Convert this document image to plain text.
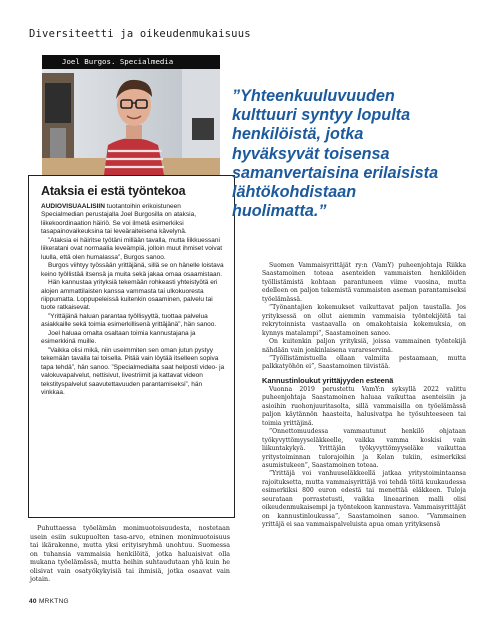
Diversiteetti ja oikeudenmukaisuus
Joel Burgos. Specialmedia
Ataksia ei estä työntekoa

AUDIOVISUAALISIIN tuotantoihin erikoistuneen Specialmedian perustajalla Joel Burgosilla on ataksia, liikekoordinaation häiriö. Se voi ilmetä esimerkiksi tasapainovaikeuksina tai leveäraiteisena kävelynä.

”Ataksia ei häiritse työtäni millään tavalla, mutta liikkuessani liikeratani ovat normaalia leveämpiä, jolloin muut ihmiset voivat luulla, että olen humalassa”, Burgos sanoo.

Burgos viihtyy työssään yrittäjänä, sillä se on hänelle loistava keino työllistää itsensä ja muita sekä jakaa omaa osaamistaan.

Hän kannustaa yrityksiä tekemään rohkeasti yhteistyötä eri alojen ammattilaisten kanssa vammasta tai ulkokuoresta riippumatta. Loppupeleissä kuitenkin osaaminen, palvelu tai tuote ratkaisevat.

”Yrittäjänä haluan parantaa työllisyyttä, tuottaa palvelua asiakkaille sekä toimia esimerkillisenä yrittäjänä”, hän sanoo.

Joel haluaa omalta osaltaan toimia kannustajana ja esimerkkinä muille.

”Vaikka olisi mikä, niin useimmiten sen oman jutun pystyy tekemään tavalla tai toisella. Pitää vain löytää itselleen sopiva tapa tehdä”, hän sanoo. ”Specialmedialta saat helposti video- ja valokuvapalvelut, nettisivut, livestriimit ja kattavat videon tekstityspalvelut saavutettavuuden parantamiseksi”, hän vinkkaa.

Puhuttaessa työelämän monimuotoisuudesta, nostetaan usein esiin sukupuolten tasa-arvo, etninen monimuotoisuus tai ikärakenne, mutta yksi erityisryhmä unohtuu. Suomessa on tuhansia vammaisia henkilöitä, jotka haluaisivat olla mukana työelämässä, mutta heihin suhtaudutaan yhä kuin he olisivat vain osatyökykyisiä tai ihmisiä, jotka osaavat vain jotain.

”Yhteenkuuluvuuden kulttuuri syntyy lopulta henkilöistä, jotka hyväksyvät toisensa samanvertaisina erilaisista lähtökohdistaan huolimatta.”

Suomen Vammaisyrittäjät ry:n (VamY) puheenjohtaja Riikka Saastamoinen toteaa asenteiden vammaisten henkilöiden työllistämistä kohtaan parantuneen viime vuosina, mutta edelleen on paljon tekemistä vammaisten aseman parantamiseksi työelämässä.

”Työnantajien kokemukset vaikuttavat paljon taustalla. Jos yrityksessä on ollut aiemmin vammaisia työntekijöitä tai rekrytoinnista vastaavalla on omakohtaisia kokemuksia, on kynnys matalampi”, Saastamoinen sanoo.

On kuitenkin paljon yrityksiä, joissa vammainen työntekijä nähdään vain jonkinlaisena varareservinä.

”Työllistämistuella ollaan valmiita pestaamaan, mutta palkkatyöhön ei”, Saastamoinen tiivistää.

Kannustinloukut yrittäjyyden esteenä

Vuonna 2019 perustettu VamY:n syksyllä 2022 valittu puheenjohtaja Saastamoinen haluaa vaikuttaa asenteisiin ja asioihin ruohonjuuritasolta, sillä vammaisilla on työelämässä paljon käytännön haasteita, halusivatpa he työsuhteeseen tai toimia yrittäjinä.

”Onnettomuudessa vammautunut henkilö ohjataan työkyvyttömyyseläkkeelle, vaikka vamma koskisi vain liikuntakykyä. Yrittäjän työkyvyttömyyseläke vaikuttaa yritystoiminnan tulorajoihin ja Kelan tukiin, esimerkiksi asumistukeen”, Saastamoinen toteaa.

”Yrittäjä voi vanhuuseläkkeellä jatkaa yritystoimintaansa rajoituksetta, mutta vammaisyrittäjä voi tehdä töitä kuukaudessa esimerkiksi 800 euron edestä tai menettää eläkkeen. Tuloja seurataan porrastetusti, vaikka lineaarinen malli olisi oikeudenmukaisempi ja työntekoon kannustava. Vammaisyrittäjät on kannustinloukussa”, Saastamoinen sanoo. ”Vammainen yrittäjä ei saa vammaispalveluista apua oman yrityksensä

40 MRKTNG
